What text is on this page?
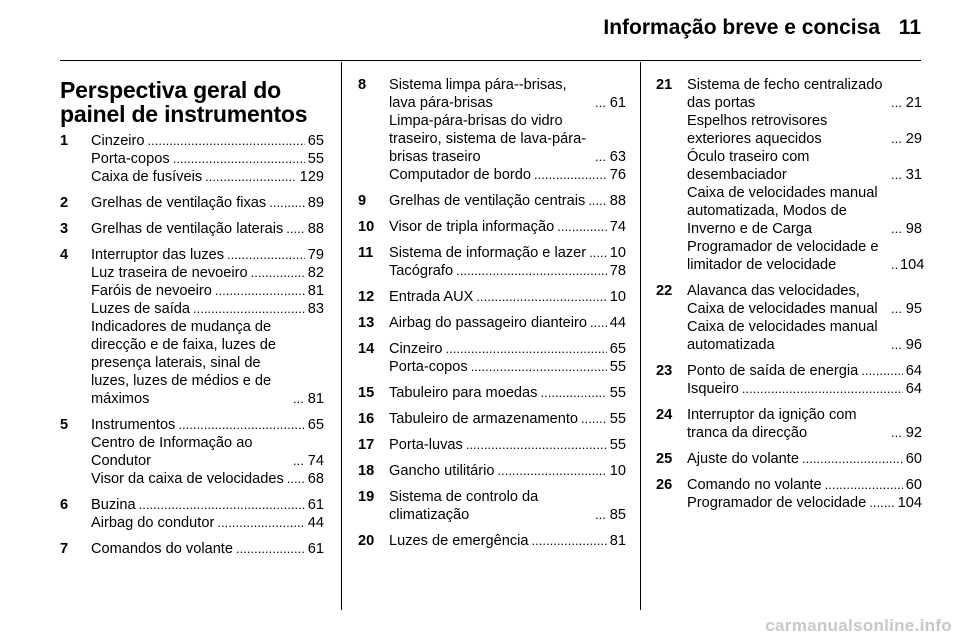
Informação breve e concisa 11
Perspectiva geral do painel de instrumentos
1	Cinzeiro . . .	65
Porta-copos . . .	55
Caixa de fusíveis . . .	129
2	Grelhas de ventilação fixas . . .	89
3	Grelhas de ventilação laterais . . . 88
4	Interruptor das luzes . . .	79
Luz traseira de nevoeiro . . .	82
Faróis de nevoeiro . . .	81
Luzes de saída . . .	83
Indicadores de mudança de direcção e de faixa, luzes de presença laterais, sinal de luzes, luzes de médios e de máximos . . .	81
5	Instrumentos . . .	65
Centro de Informação ao Condutor . . .	74
Visor da caixa de velocidades . . . 68
6	Buzina . . .	61
Airbag do condutor . . .	44
7	Comandos do volante . . .	61
8	Sistema limpa pára--brisas, lava pára-brisas . . .	61
Limpa-pára-brisas do vidro traseiro, sistema de lava-pára-brisas traseiro . . .	63
Computador de bordo . . .	76
9	Grelhas de ventilação centrais . . . 88
10	Visor de tripla informação . . .	74
11	Sistema de informação e lazer . . . 10
Tacógrafo . . .	78
12	Entrada AUX . . .	10
13	Airbag do passageiro dianteiro . . . 44
14	Cinzeiro . . .	65
Porta-copos . . .	55
15	Tabuleiro para moedas . . .	55
16	Tabuleiro de armazenamento . . . 55
17	Porta-luvas . . .	55
18	Gancho utilitário . . .	10
19	Sistema de controlo da climatização . . .	85
20	Luzes de emergência . . .	81
21	Sistema de fecho centralizado das portas . . .	21
Espelhos retrovisores exteriores aquecidos . . .	29
Óculo traseiro com desembaciador . . .	31
Caixa de velocidades manual automatizada, Modos de Inverno e de Carga . . .	98
Programador de velocidade e limitador de velocidade . . .	104
22	Alavanca das velocidades, Caixa de velocidades manual . . .	95
Caixa de velocidades manual automatizada . . .	96
23	Ponto de saída de energia . . .	64
Isqueiro . . .	64
24	Interruptor da ignição com tranca da direcção . . .	92
25	Ajuste do volante . . .	60
26	Comando no volante . . .	60
Programador de velocidade . . . 104
carmanualsonline.info
